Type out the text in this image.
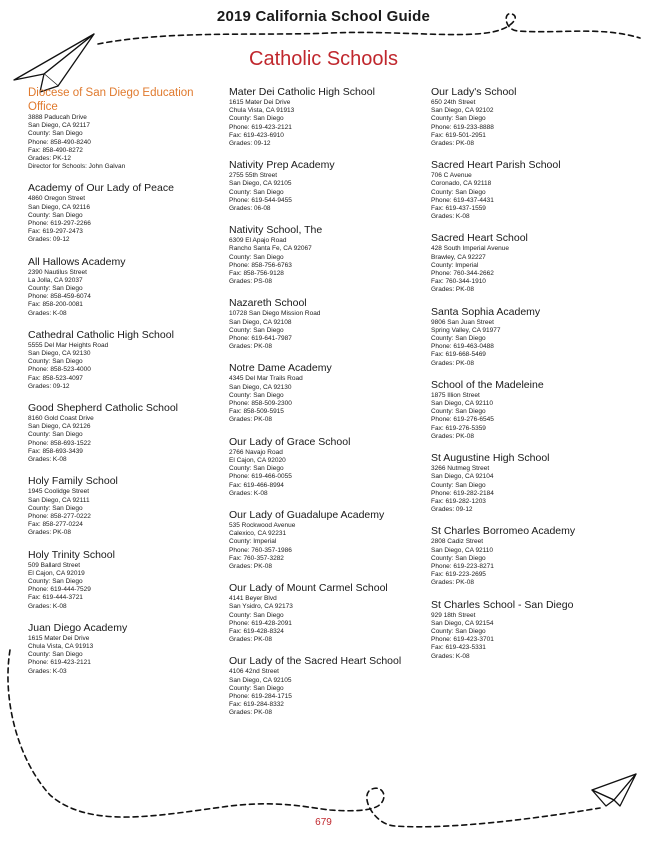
2019 California School Guide
Catholic Schools
Diocese of San Diego Education Office
3888 Paducah Drive
San Diego, CA 92117
County: San Diego
Phone: 858-490-8240
Fax: 858-490-8272
Grades: PK-12
Director for Schools: John Galvan
Academy of Our Lady of Peace
4860 Oregon Street
San Diego, CA 92116
County: San Diego
Phone: 619-297-2266
Fax: 619-297-2473
Grades: 09-12
All Hallows Academy
2390 Nautilus Street
La Jolla, CA 92037
County: San Diego
Phone: 858-459-6074
Fax: 858-200-0081
Grades: K-08
Cathedral Catholic High School
5555 Del Mar Heights Road
San Diego, CA 92130
County: San Diego
Phone: 858-523-4000
Fax: 858-523-4097
Grades: 09-12
Good Shepherd Catholic School
8160 Gold Coast Drive
San Diego, CA 92126
County: San Diego
Phone: 858-693-1522
Fax: 858-693-3439
Grades: K-08
Holy Family School
1945 Coolidge Street
San Diego, CA 92111
County: San Diego
Phone: 858-277-0222
Fax: 858-277-0224
Grades: PK-08
Holy Trinity School
509 Ballard Street
El Cajon, CA 92019
County: San Diego
Phone: 619-444-7529
Fax: 619-444-3721
Grades: K-08
Juan Diego Academy
1615 Mater Dei Drive
Chula Vista, CA 91913
County: San Diego
Phone: 619-423-2121
Grades: K-03
Mater Dei Catholic High School
1615 Mater Dei Drive
Chula Vista, CA 91913
County: San Diego
Phone: 619-423-2121
Fax: 619-423-6910
Grades: 09-12
Nativity Prep Academy
2755 55th Street
San Diego, CA 92105
County: San Diego
Phone: 619-544-9455
Grades: 06-08
Nativity School, The
6309 El Apajo Road
Rancho Santa Fe, CA 92067
County: San Diego
Phone: 858-756-6763
Fax: 858-756-9128
Grades: PS-08
Nazareth School
10728 San Diego Mission Road
San Diego, CA 92108
County: San Diego
Phone: 619-641-7987
Grades: PK-08
Notre Dame Academy
4345 Del Mar Trails Road
San Diego, CA 92130
County: San Diego
Phone: 858-509-2300
Fax: 858-509-5915
Grades: PK-08
Our Lady of Grace School
2766 Navajo Road
El Cajon, CA 92020
County: San Diego
Phone: 619-466-0055
Fax: 619-466-8994
Grades: K-08
Our Lady of Guadalupe Academy
535 Rockwood Avenue
Calexico, CA 92231
County: Imperial
Phone: 760-357-1986
Fax: 760-357-3282
Grades: PK-08
Our Lady of Mount Carmel School
4141 Beyer Blvd
San Ysidro, CA 92173
County: San Diego
Phone: 619-428-2091
Fax: 619-428-8324
Grades: PK-08
Our Lady of the Sacred Heart School
4106 42nd Street
San Diego, CA 92105
County: San Diego
Phone: 619-284-1715
Fax: 619-284-8332
Grades: PK-08
Our Lady's School
650 24th Street
San Diego, CA 92102
County: San Diego
Phone: 619-233-8888
Fax: 619-501-2951
Grades: PK-08
Sacred Heart Parish School
706 C Avenue
Coronado, CA 92118
County: San Diego
Phone: 619-437-4431
Fax: 619-437-1559
Grades: K-08
Sacred Heart School
428 South Imperial Avenue
Brawley, CA 92227
County: Imperial
Phone: 760-344-2662
Fax: 760-344-1910
Grades: PK-08
Santa Sophia Academy
9806 San Juan Street
Spring Valley, CA 91977
County: San Diego
Phone: 619-463-0488
Fax: 619-668-5469
Grades: PK-08
School of the Madeleine
1875 Illion Street
San Diego, CA 92110
County: San Diego
Phone: 619-276-6545
Fax: 619-276-5359
Grades: PK-08
St Augustine High School
3266 Nutmeg Street
San Diego, CA 92104
County: San Diego
Phone: 619-282-2184
Fax: 619-282-1203
Grades: 09-12
St Charles Borromeo Academy
2808 Cadiz Street
San Diego, CA 92110
County: San Diego
Phone: 619-223-8271
Fax: 619-223-2695
Grades: PK-08
St Charles School - San Diego
929 18th Street
San Diego, CA 92154
County: San Diego
Phone: 619-423-3701
Fax: 619-423-5331
Grades: K-08
679
